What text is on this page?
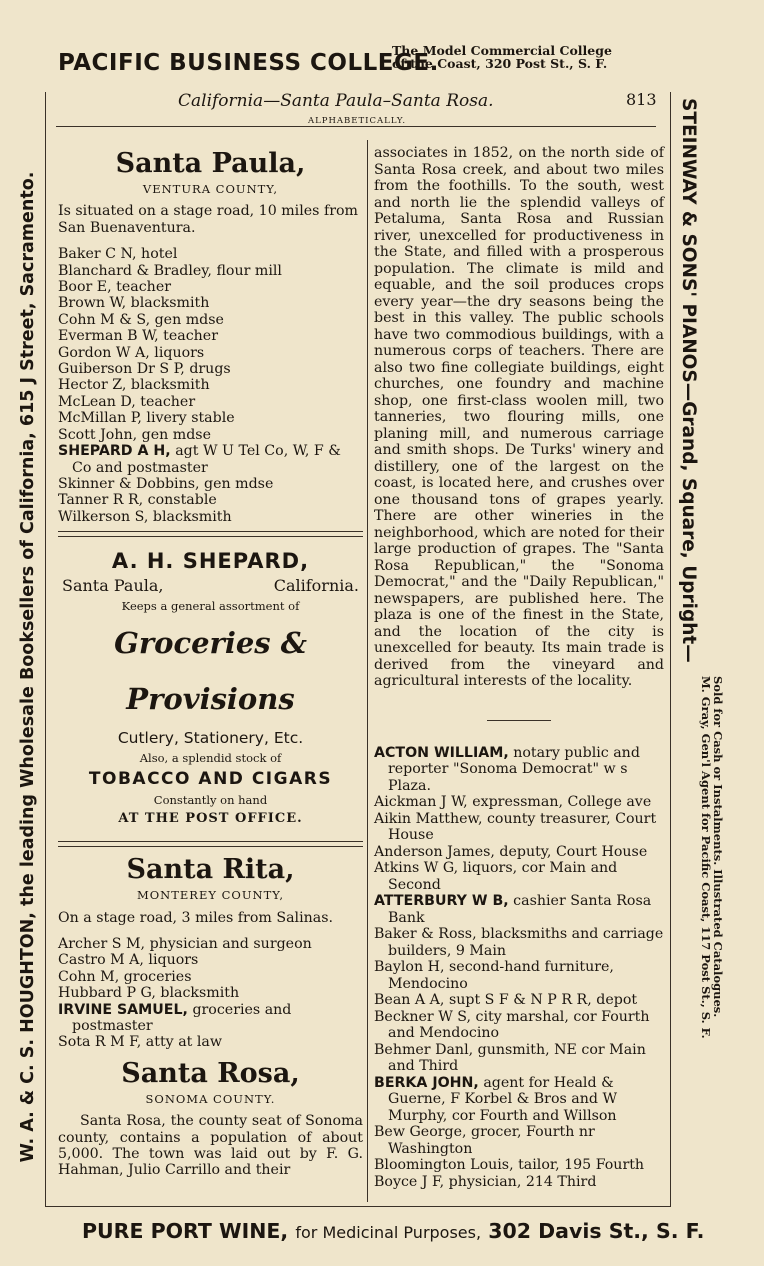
PACIFIC BUSINESS COLLEGE.
The Model Commercial College
of the Coast, 320 Post St., S. F.
W. A. & C. S. HOUGHTON, the leading Wholesale Booksellers of California, 615 J Street, Sacramento.	STEINWAY & SONS' PIANOS—Grand, Square, Upright—
Sold for Cash or Instalments. Illustrated Catalogues.
M. Gray, Gen'l Agent for Pacific Coast, 117 Post St., S. F.
California—Santa Paula–Santa Rosa.	813
ALPHABETICALLY.
Santa Paula,
VENTURA COUNTY,
Is situated on a stage road, 10 miles from San Buenaventura.
Baker C N, hotel
Blanchard & Bradley, flour mill
Boor E, teacher
Brown W, blacksmith
Cohn M & S, gen mdse
Everman B W, teacher
Gordon W A, liquors
Guiberson Dr S P, drugs
Hector Z, blacksmith
McLean D, teacher
McMillan P, livery stable
Scott John, gen mdse
SHEPARD A H, agt W U Tel Co, W, F & Co and postmaster
Skinner & Dobbins, gen mdse
Tanner R R, constable
Wilkerson S, blacksmith
A. H. SHEPARD,
Santa Paula,	California.
Keeps a general assortment of
Groceries & Provisions
Cutlery, Stationery, Etc.
Also, a splendid stock of
TOBACCO AND CIGARS
Constantly on hand
AT THE POST OFFICE.
Santa Rita,
MONTEREY COUNTY,
On a stage road, 3 miles from Salinas.
Archer S M, physician and surgeon
Castro M A, liquors
Cohn M, groceries
Hubbard P G, blacksmith
IRVINE SAMUEL, groceries and postmaster
Sota R M F, atty at law
Santa Rosa,
SONOMA COUNTY.
Santa Rosa, the county seat of Sonoma county, contains a population of about 5,000. The town was laid out by F. G. Hahman, Julio Carrillo and their
associates in 1852, on the north side of Santa Rosa creek, and about two miles from the foothills. To the south, west and north lie the splendid valleys of Petaluma, Santa Rosa and Russian river, unexcelled for productiveness in the State, and filled with a prosperous population. The climate is mild and equable, and the soil produces crops every year—the dry seasons being the best in this valley. The public schools have two commodious buildings, with a numerous corps of teachers. There are also two fine collegiate buildings, eight churches, one foundry and machine shop, one first-class woolen mill, two tanneries, two flouring mills, one planing mill, and numerous carriage and smith shops. De Turks' winery and distillery, one of the largest on the coast, is located here, and crushes over one thousand tons of grapes yearly. There are other wineries in the neighborhood, which are noted for their large production of grapes. The "Santa Rosa Republican," the "Sonoma Democrat," and the "Daily Republican," newspapers, are published here. The plaza is one of the finest in the State, and the location of the city is unexcelled for beauty. Its main trade is derived from the vineyard and agricultural interests of the locality.
ACTON WILLIAM, notary public and reporter "Sonoma Democrat" w s Plaza.
Aickman J W, expressman, College ave
Aikin Matthew, county treasurer, Court House
Anderson James, deputy, Court House
Atkins W G, liquors, cor Main and Second
ATTERBURY W B, cashier Santa Rosa Bank
Baker & Ross, blacksmiths and carriage builders, 9 Main
Baylon H, second-hand furniture, Mendocino
Bean A A, supt S F & N P R R, depot
Beckner W S, city marshal, cor Fourth and Mendocino
Behmer Danl, gunsmith, NE cor Main and Third
BERKA JOHN, agent for Heald & Guerne, F Korbel & Bros and W Murphy, cor Fourth and Willson
Bew George, grocer, Fourth nr Washington
Bloomington Louis, tailor, 195 Fourth
Boyce J F, physician, 214 Third
PURE PORT WINE, for Medicinal Purposes, 302 Davis St., S. F.
